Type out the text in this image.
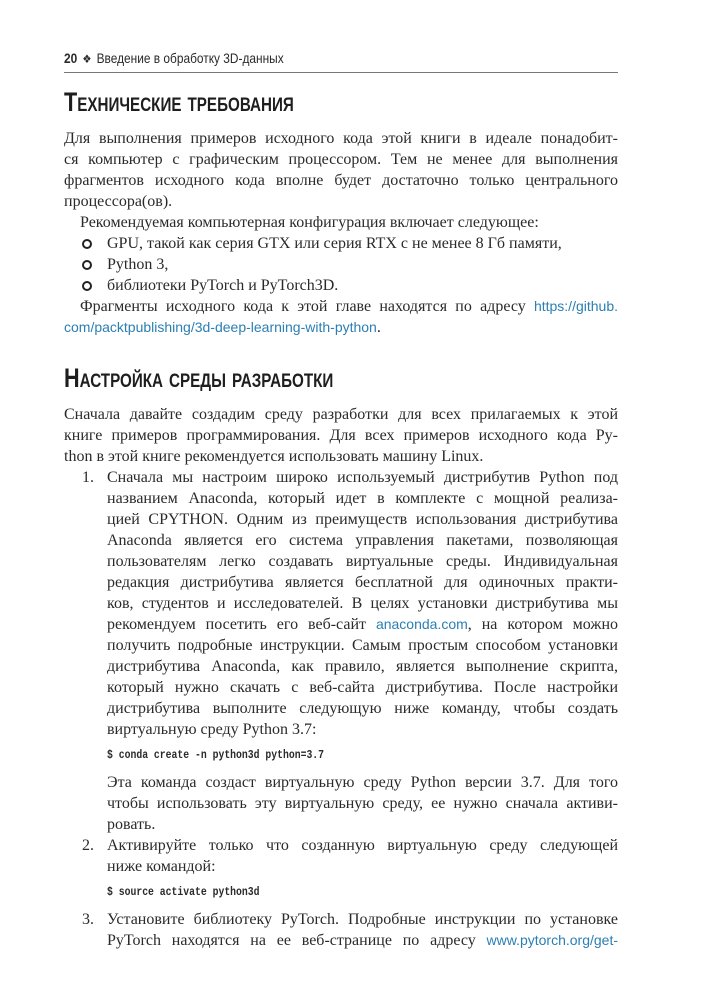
20 ❖ Введение в обработку 3D-данных
Технические требования
Для выполнения примеров исходного кода этой книги в идеале понадобит-
ся компьютер с графическим процессором. Тем не менее для выполнения
фрагментов исходного кода вполне будет достаточно только центрального
процессора(ов).
Рекомендуемая компьютерная конфигурация включает следующее:
GPU, такой как серия GTX или серия RTX с не менее 8 Гб памяти,
Python 3,
библиотеки PyTorch и PyTorch3D.
Фрагменты исходного кода к этой главе находятся по адресу https://github.
com/packtpublishing/3d-deep-learning-with-python.
Настройка среды разработки
Сначала давайте создадим среду разработки для всех прилагаемых к этой
книге примеров программирования. Для всех примеров исходного кода Py-
thon в этой книге рекомендуется использовать машину Linux.
1. Сначала мы настроим широко используемый дистрибутив Python под
названием Anaconda, который идет в комплекте с мощной реализа-
цией CPYTHON. Одним из преимуществ использования дистрибутива
Anaconda является его система управления пакетами, позволяющая
пользователям легко создавать виртуальные среды. Индивидуальная
редакция дистрибутива является бесплатной для одиночных практи-
ков, студентов и исследователей. В целях установки дистрибутива мы
рекомендуем посетить его веб-сайт anaconda.com, на котором можно
получить подробные инструкции. Самым простым способом установки
дистрибутива Anaconda, как правило, является выполнение скрипта,
который нужно скачать с веб-сайта дистрибутива. После настройки
дистрибутива выполните следующую ниже команду, чтобы создать
виртуальную среду Python 3.7:
$ conda create -n python3d python=3.7
Эта команда создаст виртуальную среду Python версии 3.7. Для того
чтобы использовать эту виртуальную среду, ее нужно сначала активи-
ровать.
2. Активируйте только что созданную виртуальную среду следующей
ниже командой:
$ source activate python3d
3. Установите библиотеку PyTorch. Подробные инструкции по установке
PyTorch находятся на ее веб-странице по адресу www.pytorch.org/get-
